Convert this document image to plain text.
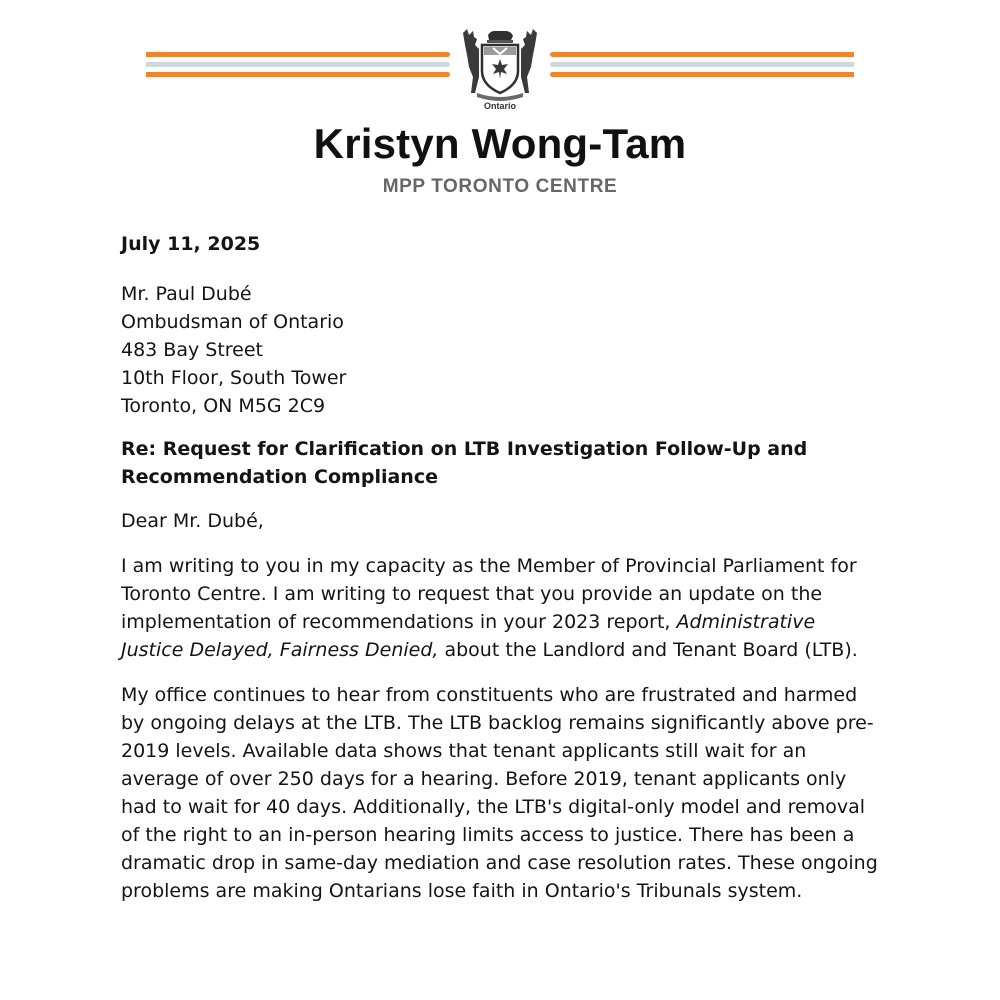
Ontario
Kristyn Wong-Tam
MPP TORONTO CENTRE

July 11, 2025

Mr. Paul Dubé
Ombudsman of Ontario
483 Bay Street
10th Floor, South Tower
Toronto, ON M5G 2C9

Re: Request for Clarification on LTB Investigation Follow-Up and Recommendation Compliance

Dear Mr. Dubé,

I am writing to you in my capacity as the Member of Provincial Parliament for Toronto Centre. I am writing to request that you provide an update on the implementation of recommendations in your 2023 report, Administrative Justice Delayed, Fairness Denied, about the Landlord and Tenant Board (LTB).

My office continues to hear from constituents who are frustrated and harmed by ongoing delays at the LTB. The LTB backlog remains significantly above pre-2019 levels. Available data shows that tenant applicants still wait for an average of over 250 days for a hearing. Before 2019, tenant applicants only had to wait for 40 days. Additionally, the LTB's digital-only model and removal of the right to an in-person hearing limits access to justice. There has been a dramatic drop in same-day mediation and case resolution rates. These ongoing problems are making Ontarians lose faith in Ontario's Tribunals system.
